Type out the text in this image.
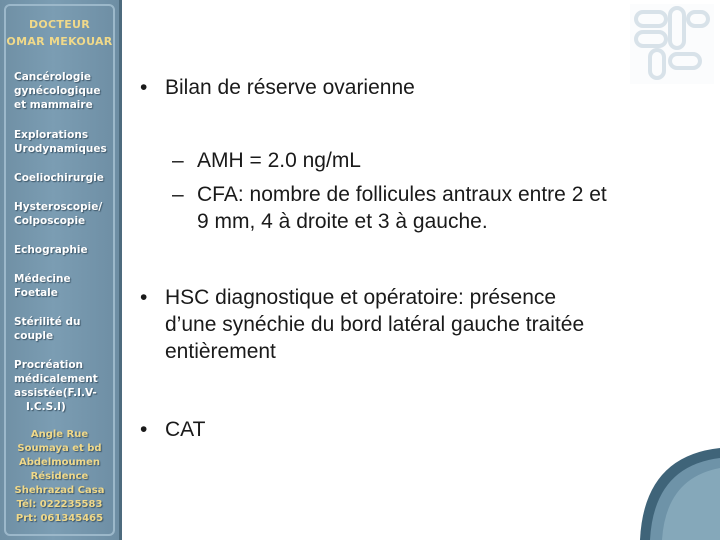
DOCTEUR
OMAR MEKOUAR
Cancérologie
gynécologique
et mammaire
Explorations
Urodynamiques
Coeliochirurgie
Hysteroscopie/
Colposcopie
Echographie
Médecine
Foetale
Stérilité du
couple
Procréation
médicalement
assistée(F.I.V-
I.C.S.I)
Angle Rue
Soumaya et bd
Abdelmoumen
Résidence
Shehrazad Casa
Tél: 022235583
Prt: 061345465
• Bilan de réserve ovarienne
– AMH = 2.0 ng/mL
– CFA: nombre de follicules antraux entre 2 et
9 mm, 4 à droite et 3 à gauche.
• HSC diagnostique et opératoire: présence
d’une synéchie du bord latéral gauche traitée
entièrement
• CAT
